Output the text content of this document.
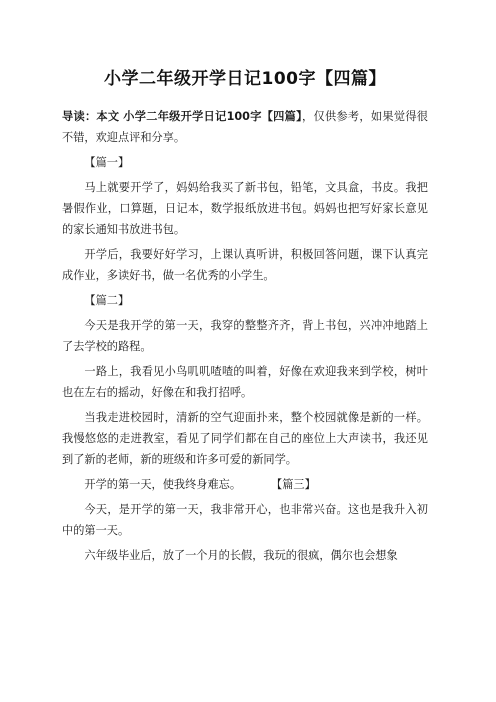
小学二年级开学日记100字【四篇】

导读：本文 小学二年级开学日记100字【四篇】，仅供参考，如果觉得很不错，欢迎点评和分享。

【篇一】

马上就要开学了，妈妈给我买了新书包，铅笔，文具盒，书皮。我把暑假作业，口算题，日记本，数学报纸放进书包。妈妈也把写好家长意见的家长通知书放进书包。

开学后，我要好好学习，上课认真听讲，积极回答问题，课下认真完成作业，多读好书，做一名优秀的小学生。

【篇二】

今天是我开学的第一天，我穿的整整齐齐，背上书包，兴冲冲地踏上了去学校的路程。

一路上，我看见小鸟叽叽喳喳的叫着，好像在欢迎我来到学校，树叶也在左右的摇动，好像在和我打招呼。

当我走进校园时，清新的空气迎面扑来，整个校园就像是新的一样。我慢悠悠的走进教室，看见了同学们都在自己的座位上大声读书，我还见到了新的老师，新的班级和许多可爱的新同学。

开学的第一天，使我终身难忘。	【篇三】

今天，是开学的第一天，我非常开心，也非常兴奋。这也是我升入初中的第一天。

六年级毕业后，放了一个月的长假，我玩的很疯，偶尔也会想象
